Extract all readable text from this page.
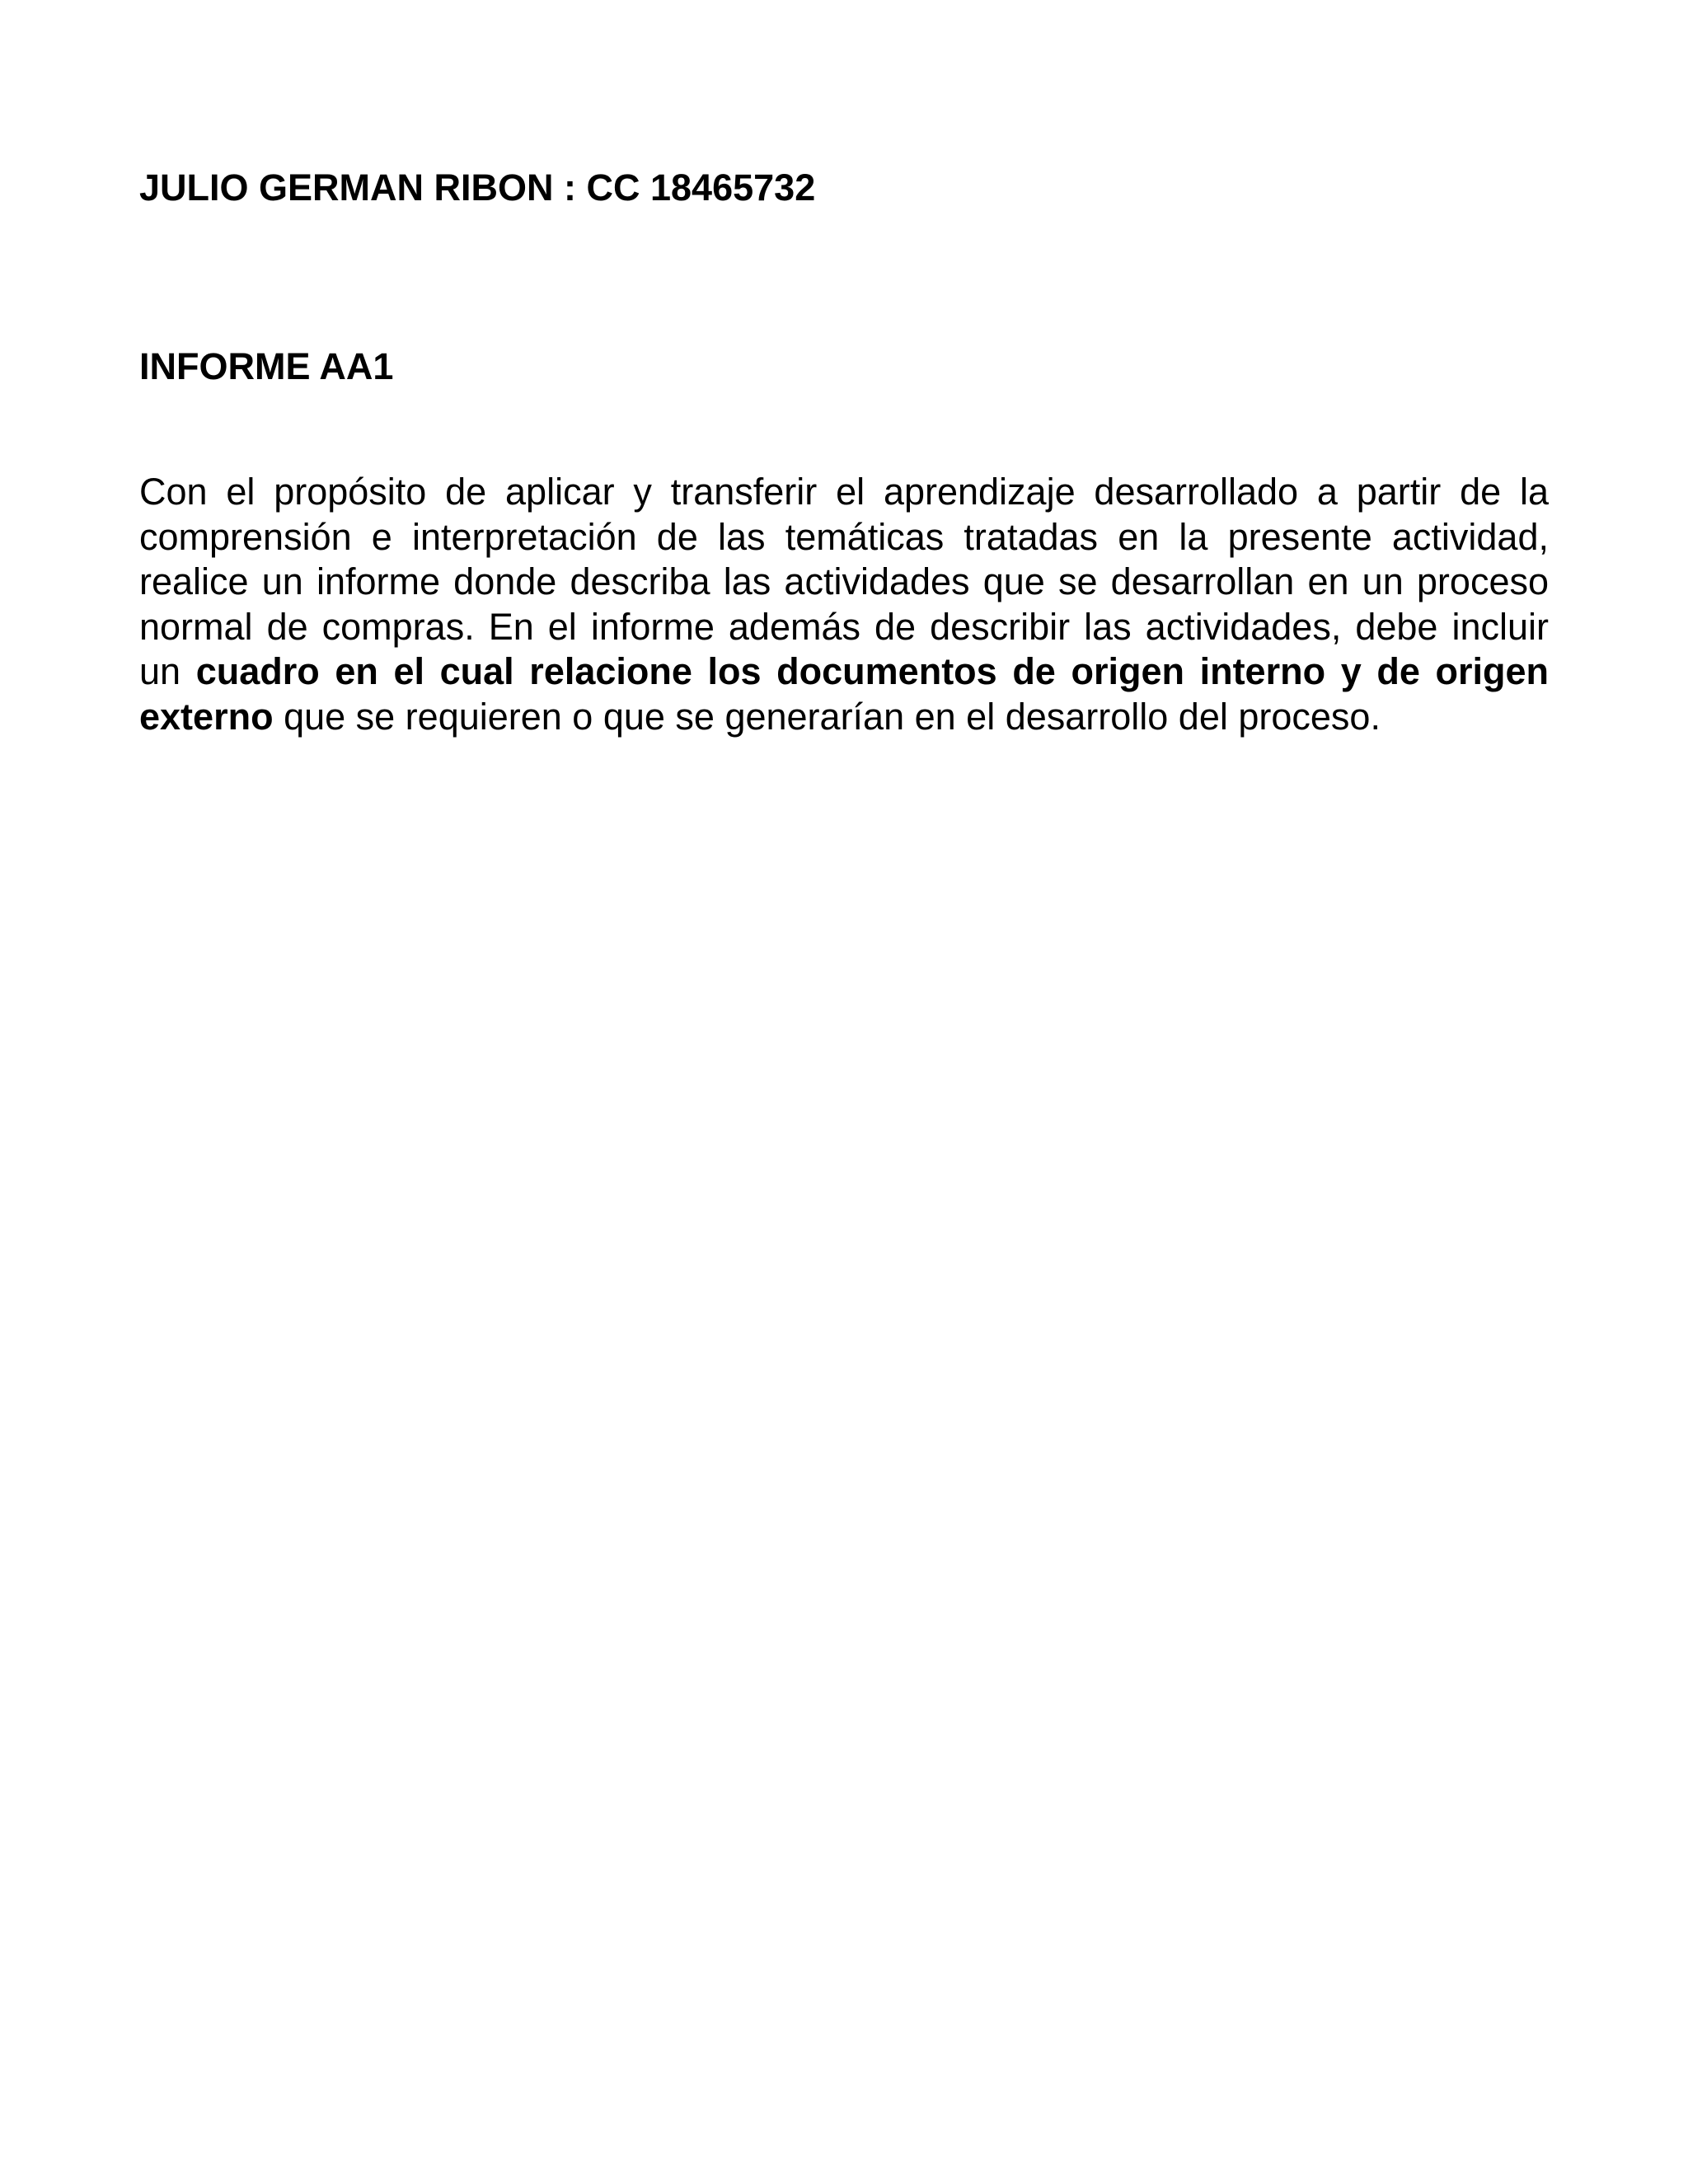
JULIO GERMAN RIBON : CC 18465732
INFORME AA1

Con el propósito de aplicar y transferir el aprendizaje desarrollado a partir de la comprensión e interpretación de las temáticas tratadas en la presente actividad, realice un informe donde describa las actividades que se desarrollan en un proceso normal de compras. En el informe además de describir las actividades, debe incluir un cuadro en el cual relacione los documentos de origen interno y de origen externo que se requieren o que se generarían en el desarrollo del proceso.
